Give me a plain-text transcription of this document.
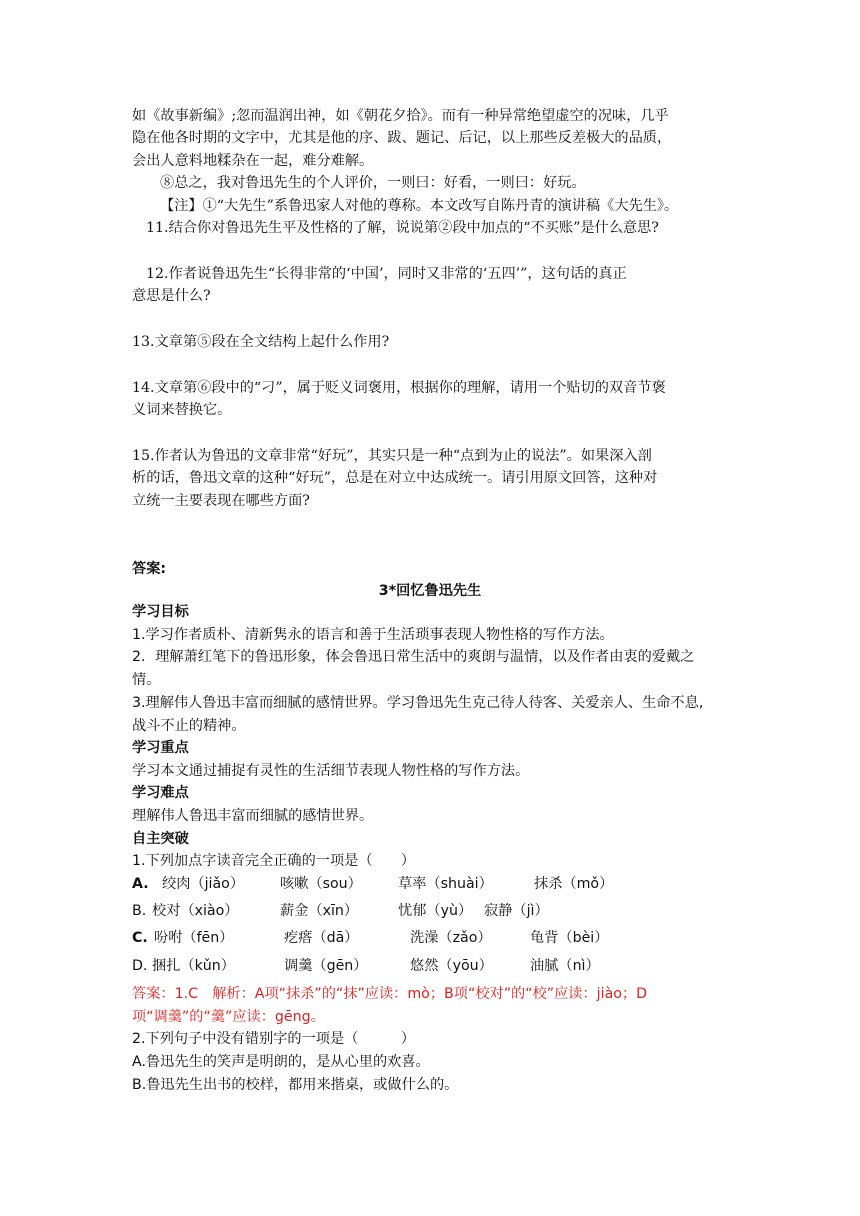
如《故事新编》;忽而温润出神，如《朝花夕拾》。而有一种异常绝望虚空的况味，几乎
隐在他各时期的文字中，尤其是他的序、跋、题记、后记，以上那些反差极大的品质，
会出人意料地糅杂在一起，难分难解。
⑧总之，我对鲁迅先生的个人评价，一则曰：好看，一则曰：好玩。
【注】①“大先生”系鲁迅家人对他的尊称。本文改写自陈丹青的演讲稿《大先生》。
11.结合你对鲁迅先生平及性格的了解，说说第②段中加点的“不买账”是什么意思?
12.作者说鲁迅先生“长得非常的‘中国’，同时又非常的‘五四’”，这句话的真正
意思是什么?
13.文章第⑤段在全文结构上起什么作用?
14.文章第⑥段中的“刁”，属于贬义词褒用，根据你的理解，请用一个贴切的双音节褒
义词来替换它。
15.作者认为鲁迅的文章非常“好玩”，其实只是一种“点到为止的说法”。如果深入剖
析的话，鲁迅文章的这种“好玩”，总是在对立中达成统一。请引用原文回答，这种对
立统一主要表现在哪些方面?
答案:
3*回忆鲁迅先生
学习目标
1.学习作者质朴、清新隽永的语言和善于生活琐事表现人物性格的写作方法。
2．理解萧红笔下的鲁迅形象，体会鲁迅日常生活中的爽朗与温情，以及作者由衷的爱戴之
情。
3.理解伟人鲁迅丰富而细腻的感情世界。学习鲁迅先生克己待人待客、关爱亲人、生命不息,
战斗不止的精神。
学习重点
学习本文通过捕捉有灵性的生活细节表现人物性格的写作方法。
学习难点
理解伟人鲁迅丰富而细腻的感情世界。
自主突破
1.下列加点字读音完全正确的一项是（　　）
A. 绞肉（jiǎo）	咳嗽（sou）	草率（shuài）	抹杀（mǒ）
B. 校对（xiào）	薪金（xīn）	忧郁（yù） 寂静（jì）
C. 吩咐（fēn）	疙瘩（dā）	洗澡（zǎo）	龟背（bèi）
D. 捆扎（kǔn）	调羹（gēn）	悠然（yōu）	油腻（nì）
答案：1.C　解析：A项“抹杀”的“抹”应读：mò；B项“校对”的“校”应读：jiào；D
项“调羹”的“羹”应读：gēng。
2.下列句子中没有错别字的一项是（　　　）
A.鲁迅先生的笑声是明朗的，是从心里的欢喜。
B.鲁迅先生出书的校样，都用来揩桌，或做什么的。
